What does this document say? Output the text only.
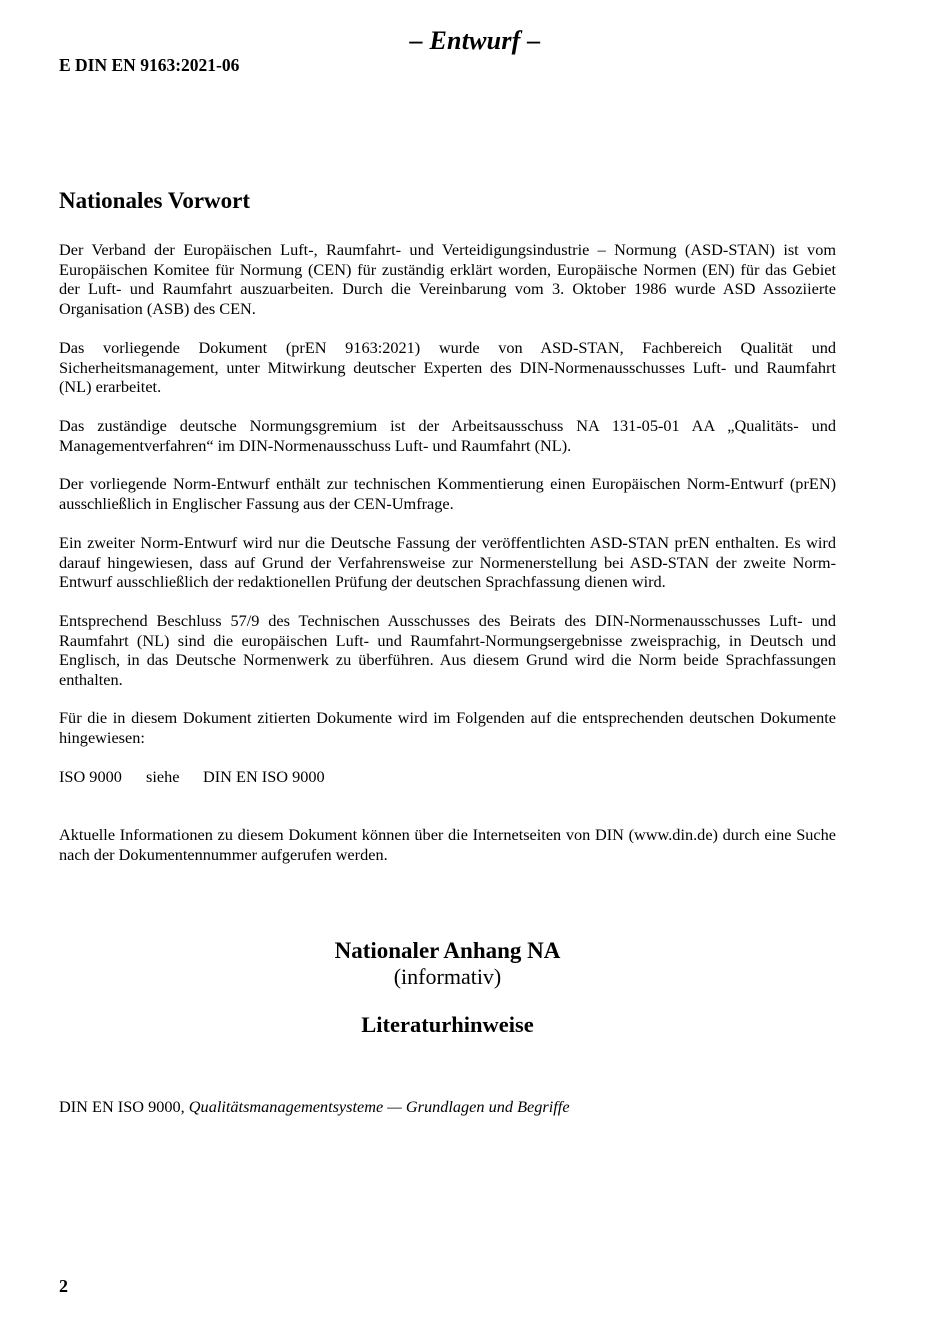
– Entwurf –
E DIN EN 9163:2021-06
Nationales Vorwort

Der Verband der Europäischen Luft-, Raumfahrt- und Verteidigungsindustrie – Normung (ASD-STAN) ist vom Europäischen Komitee für Normung (CEN) für zuständig erklärt worden, Europäische Normen (EN) für das Gebiet der Luft- und Raumfahrt auszuarbeiten. Durch die Vereinbarung vom 3. Oktober 1986 wurde ASD Assoziierte Organisation (ASB) des CEN.

Das vorliegende Dokument (prEN 9163:2021) wurde von ASD-STAN, Fachbereich Qualität und Sicherheitsmanagement, unter Mitwirkung deutscher Experten des DIN-Normenausschusses Luft- und Raumfahrt (NL) erarbeitet.

Das zuständige deutsche Normungsgremium ist der Arbeitsausschuss NA 131-05-01 AA „Qualitäts- und Managementverfahren“ im DIN-Normenausschuss Luft- und Raumfahrt (NL).

Der vorliegende Norm-Entwurf enthält zur technischen Kommentierung einen Europäischen Norm-Entwurf (prEN) ausschließlich in Englischer Fassung aus der CEN-Umfrage.

Ein zweiter Norm-Entwurf wird nur die Deutsche Fassung der veröffentlichten ASD-STAN prEN enthalten. Es wird darauf hingewiesen, dass auf Grund der Verfahrensweise zur Normenerstellung bei ASD-STAN der zweite Norm-Entwurf ausschließlich der redaktionellen Prüfung der deutschen Sprachfassung dienen wird.

Entsprechend Beschluss 57/9 des Technischen Ausschusses des Beirats des DIN-Normenausschusses Luft- und Raumfahrt (NL) sind die europäischen Luft- und Raumfahrt-Normungsergebnisse zweisprachig, in Deutsch und Englisch, in das Deutsche Normenwerk zu überführen. Aus diesem Grund wird die Norm beide Sprachfassungen enthalten.

Für die in diesem Dokument zitierten Dokumente wird im Folgenden auf die entsprechenden deutschen Dokumente hingewiesen:

ISO 9000 siehe DIN EN ISO 9000

Aktuelle Informationen zu diesem Dokument können über die Internetseiten von DIN (www.din.de) durch eine Suche nach der Dokumentennummer aufgerufen werden.

Nationaler Anhang NA
(informativ)
Literaturhinweise
DIN EN ISO 9000, Qualitätsmanagementsysteme — Grundlagen und Begriffe
2
